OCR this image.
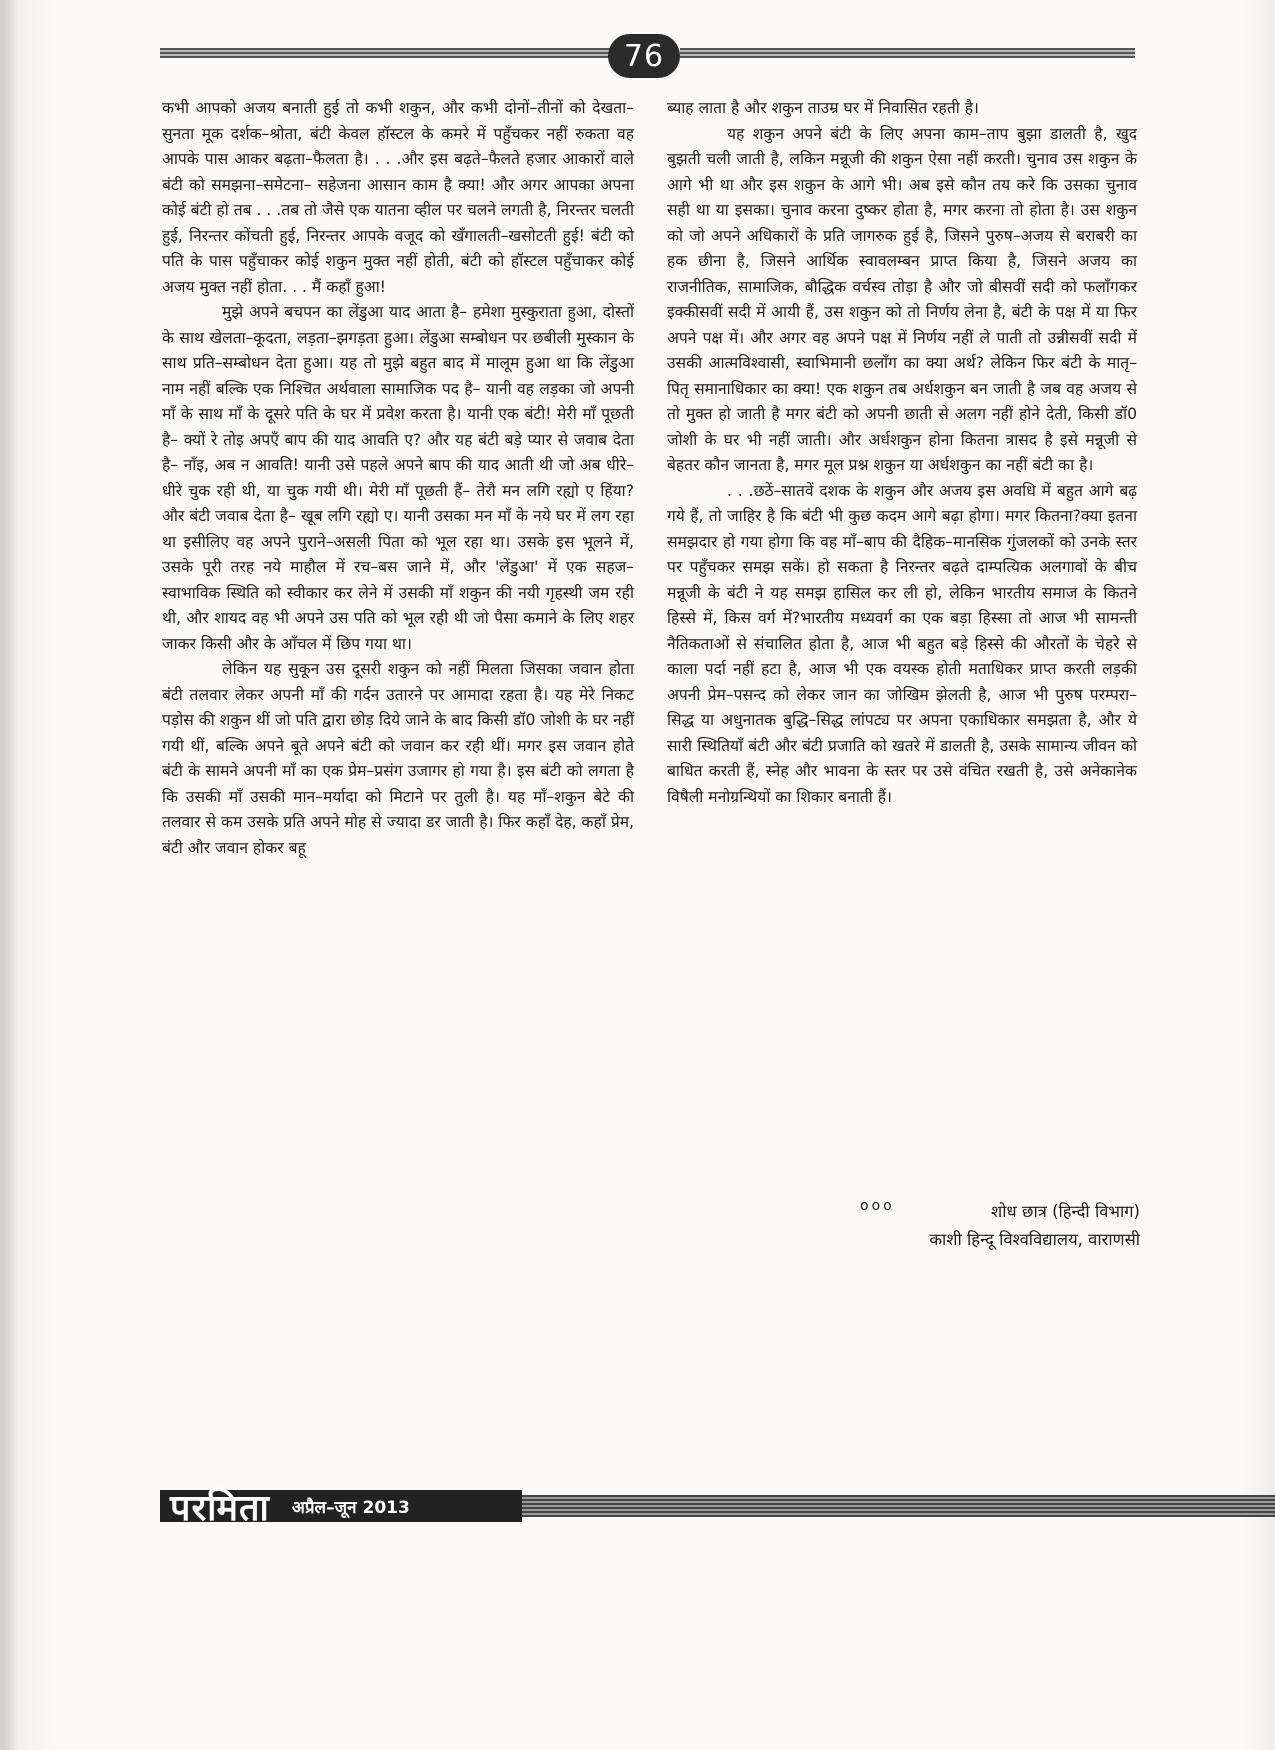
76

कभी आपको अजय बनाती हुई तो कभी शकुन, और कभी दोनों–तीनों को देखता–सुनता मूक दर्शक–श्रोता, बंटी केवल हॉस्टल के कमरे में पहुँचकर नहीं रुकता वह आपके पास आकर बढ़ता–फैलता है। . . .और इस बढ़ते–फैलते हजार आकारों वाले बंटी को समझना–समेटना– सहेजना आसान काम है क्या! और अगर आपका अपना कोई बंटी हो तब . . .तब तो जैसे एक यातना व्हील पर चलने लगती है, निरन्तर चलती हुई, निरन्तर कोंचती हुई, निरन्तर आपके वजूद को खँगालती–खसोटती हुई! बंटी को पति के पास पहुँचाकर कोई शकुन मुक्त नहीं होती, बंटी को हॉस्टल पहुँचाकर कोई अजय मुक्त नहीं होता. . . मैं कहाँ हुआ!

मुझे अपने बचपन का लेंडुआ याद आता है– हमेशा मुस्कुराता हुआ, दोस्तों के साथ खेलता–कूदता, लड़ता–झगड़ता हुआ। लेंडुआ सम्बोधन पर छबीली मुस्कान के साथ प्रति–सम्बोधन देता हुआ। यह तो मुझे बहुत बाद में मालूम हुआ था कि लेंडुआ नाम नहीं बल्कि एक निश्चित अर्थवाला सामाजिक पद है– यानी वह लड़का जो अपनी माँ के साथ माँ के दूसरे पति के घर में प्रवेश करता है। यानी एक बंटी! मेरी माँ पूछती है– क्यों रे तोइ अपएँ बाप की याद आवति ए? और यह बंटी बड़े प्यार से जवाब देता है– नाँइ, अब न आवति! यानी उसे पहले अपने बाप की याद आती थी जो अब धीरे–धीरे चुक रही थी, या चुक गयी थी। मेरी माँ पूछती हैं– तेरौ मन लगि रह्यो ए हिंया? और बंटी जवाब देता है– खूब लगि रह्यो ए। यानी उसका मन माँ के नये घर में लग रहा था इसीलिए वह अपने पुराने–असली पिता को भूल रहा था। उसके इस भूलने में, उसके पूरी तरह नये माहौल में रच–बस जाने में, और 'लेंडुआ' में एक सहज–स्वाभाविक स्थिति को स्वीकार कर लेने में उसकी माँ शकुन की नयी गृहस्थी जम रही थी, और शायद वह भी अपने उस पति को भूल रही थी जो पैसा कमाने के लिए शहर जाकर किसी और के आँचल में छिप गया था।

लेकिन यह सुकून उस दूसरी शकुन को नहीं मिलता जिसका जवान होता बंटी तलवार लेकर अपनी माँ की गर्दन उतारने पर आमादा रहता है। यह मेरे निकट पड़ोस की शकुन थीं जो पति द्वारा छोड़ दिये जाने के बाद किसी डॉ0 जोशी के घर नहीं गयी थीं, बल्कि अपने बूते अपने बंटी को जवान कर रही थीं। मगर इस जवान होते बंटी के सामने अपनी माँ का एक प्रेम–प्रसंग उजागर हो गया है। इस बंटी को लगता है कि उसकी माँ उसकी मान–मर्यादा को मिटाने पर तुली है। यह माँ–शकुन बेटे की तलवार से कम उसके प्रति अपने मोह से ज्यादा डर जाती है। फिर कहाँ देह, कहाँ प्रेम, बंटी और जवान होकर बहू

ब्याह लाता है और शकुन ताउम्र घर में निवासित रहती है।

यह शकुन अपने बंटी के लिए अपना काम–ताप बुझा डालती है, खुद बुझती चली जाती है, लकिन मन्नूजी की शकुन ऐसा नहीं करती। चुनाव उस शकुन के आगे भी था और इस शकुन के आगे भी। अब इसे कौन तय करे कि उसका चुनाव सही था या इसका। चुनाव करना दुष्कर होता है, मगर करना तो होता है। उस शकुन को जो अपने अधिकारों के प्रति जागरुक हुई है, जिसने पुरुष–अजय से बराबरी का हक छीना है, जिसने आर्थिक स्वावलम्बन प्राप्त किया है, जिसने अजय का राजनीतिक, सामाजिक, बौद्धिक वर्चस्व तोड़ा है और जो बीसवीं सदी को फलाँगकर इक्कीसवीं सदी में आयी हैं, उस शकुन को तो निर्णय लेना है, बंटी के पक्ष में या फिर अपने पक्ष में। और अगर वह अपने पक्ष में निर्णय नहीं ले पाती तो उन्नीसवीं सदी में उसकी आत्मविश्वासी, स्वाभिमानी छलाँग का क्या अर्थ? लेकिन फिर बंटी के मातृ–पितृ समानाधिकार का क्या! एक शकुन तब अर्धशकुन बन जाती है जब वह अजय से तो मुक्त हो जाती है मगर बंटी को अपनी छाती से अलग नहीं होने देती, किसी डॉ0 जोशी के घर भी नहीं जाती। और अर्धशकुन होना कितना त्रासद है इसे मन्नूजी से बेहतर कौन जानता है, मगर मूल प्रश्न शकुन या अर्धशकुन का नहीं बंटी का है।

. . .छठें–सातवें दशक के शकुन और अजय इस अवधि में बहुत आगे बढ़ गये हैं, तो जाहिर है कि बंटी भी कुछ कदम आगे बढ़ा होगा। मगर कितना?क्या इतना समझदार हो गया होगा कि वह माँ–बाप की दैहिक–मानसिक गुंजलकों को उनके स्तर पर पहुँचकर समझ सकें। हो सकता है निरन्तर बढ़ते दाम्पत्यिक अलगावों के बीच मन्नूजी के बंटी ने यह समझ हासिल कर ली हो, लेकिन भारतीय समाज के कितने हिस्से में, किस वर्ग में?भारतीय मध्यवर्ग का एक बड़ा हिस्सा तो आज भी सामन्ती नैतिकताओं से संचालित होता है, आज भी बहुत बड़े हिस्से की औरतों के चेहरे से काला पर्दा नहीं हटा है, आज भी एक वयस्क होती मताधिकर प्राप्त करती लड़की अपनी प्रेम–पसन्द को लेकर जान का जोखिम झेलती है, आज भी पुरुष परम्परा–सिद्ध या अधुनातक बुद्धि–सिद्ध लांपट्य पर अपना एकाधिकार समझता है, और ये सारी स्थितियाँ बंटी और बंटी प्रजाति को खतरे में डालती है, उसके सामान्य जीवन को बाधित करती हैं, स्नेह और भावना के स्तर पर उसे वंचित रखती है, उसे अनेकानेक विषैली मनोग्रन्थियों का शिकार बनाती हैं।

ooo	शोध छात्र (हिन्दी विभाग)
काशी हिन्दू विश्वविद्यालय, वाराणसी
परमिता अप्रैल–जून 2013
